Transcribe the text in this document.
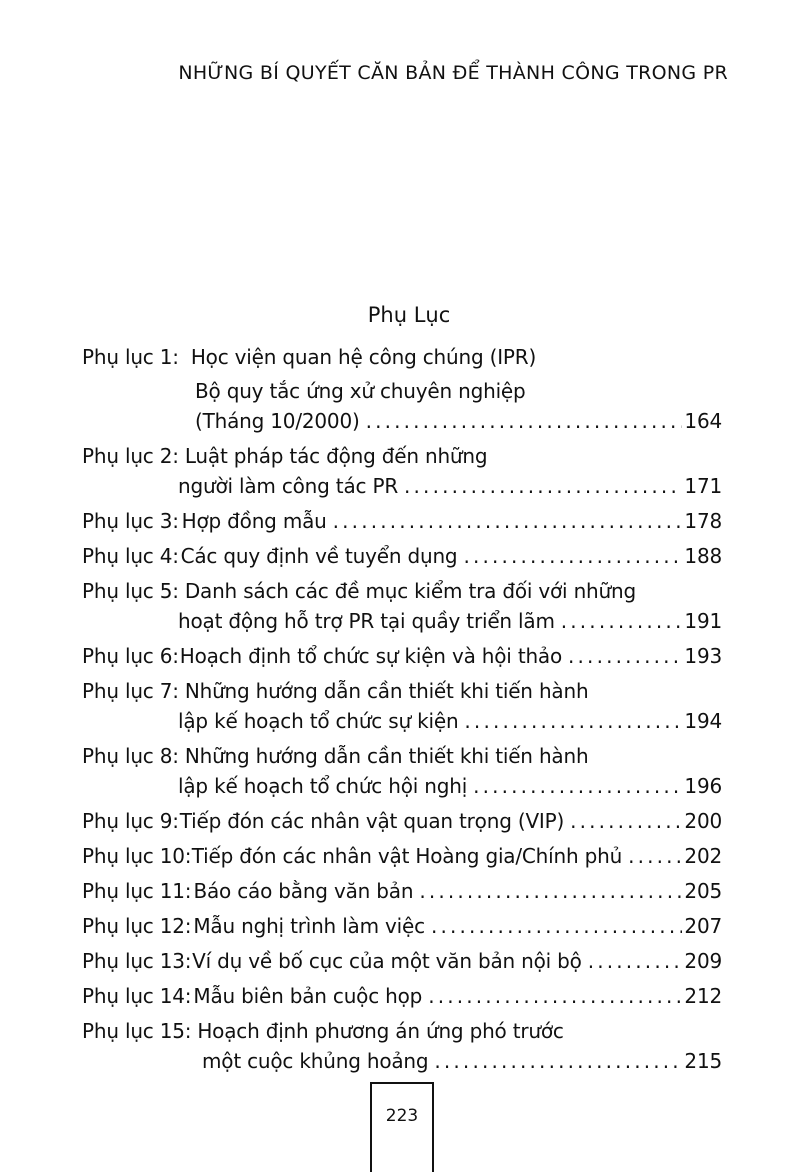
NHỮNG BÍ QUYẾT CĂN BẢN ĐỂ THÀNH CÔNG TRONG PR
Phụ Lục
Phụ lục 1: Học viện quan hệ công chúng (IPR)
Bộ quy tắc ứng xử chuyên nghiệp
(Tháng 10/2000) . . .	164
Phụ lục 2: Luật pháp tác động đến những
người làm công tác PR . . .	171
Phụ lục 3: Hợp đồng mẫu . . .	178
Phụ lục 4: Các quy định về tuyển dụng . . .	188
Phụ lục 5: Danh sách các đề mục kiểm tra đối với những
hoạt động hỗ trợ PR tại quầy triển lãm . . .	191
Phụ lục 6: Hoạch định tổ chức sự kiện và hội thảo . . .	193
Phụ lục 7: Những hướng dẫn cần thiết khi tiến hành
lập kế hoạch tổ chức sự kiện . . .	194
Phụ lục 8: Những hướng dẫn cần thiết khi tiến hành
lập kế hoạch tổ chức hội nghị . . .	196
Phụ lục 9: Tiếp đón các nhân vật quan trọng (VIP) . . .	200
Phụ lục 10: Tiếp đón các nhân vật Hoàng gia/Chính phủ . . .	202
Phụ lục 11: Báo cáo bằng văn bản . . .	205
Phụ lục 12: Mẫu nghị trình làm việc . . .	207
Phụ lục 13: Ví dụ về bố cục của một văn bản nội bộ . . .	209
Phụ lục 14: Mẫu biên bản cuộc họp . . .	212
Phụ lục 15: Hoạch định phương án ứng phó trước
một cuộc khủng hoảng . . .	215
223
